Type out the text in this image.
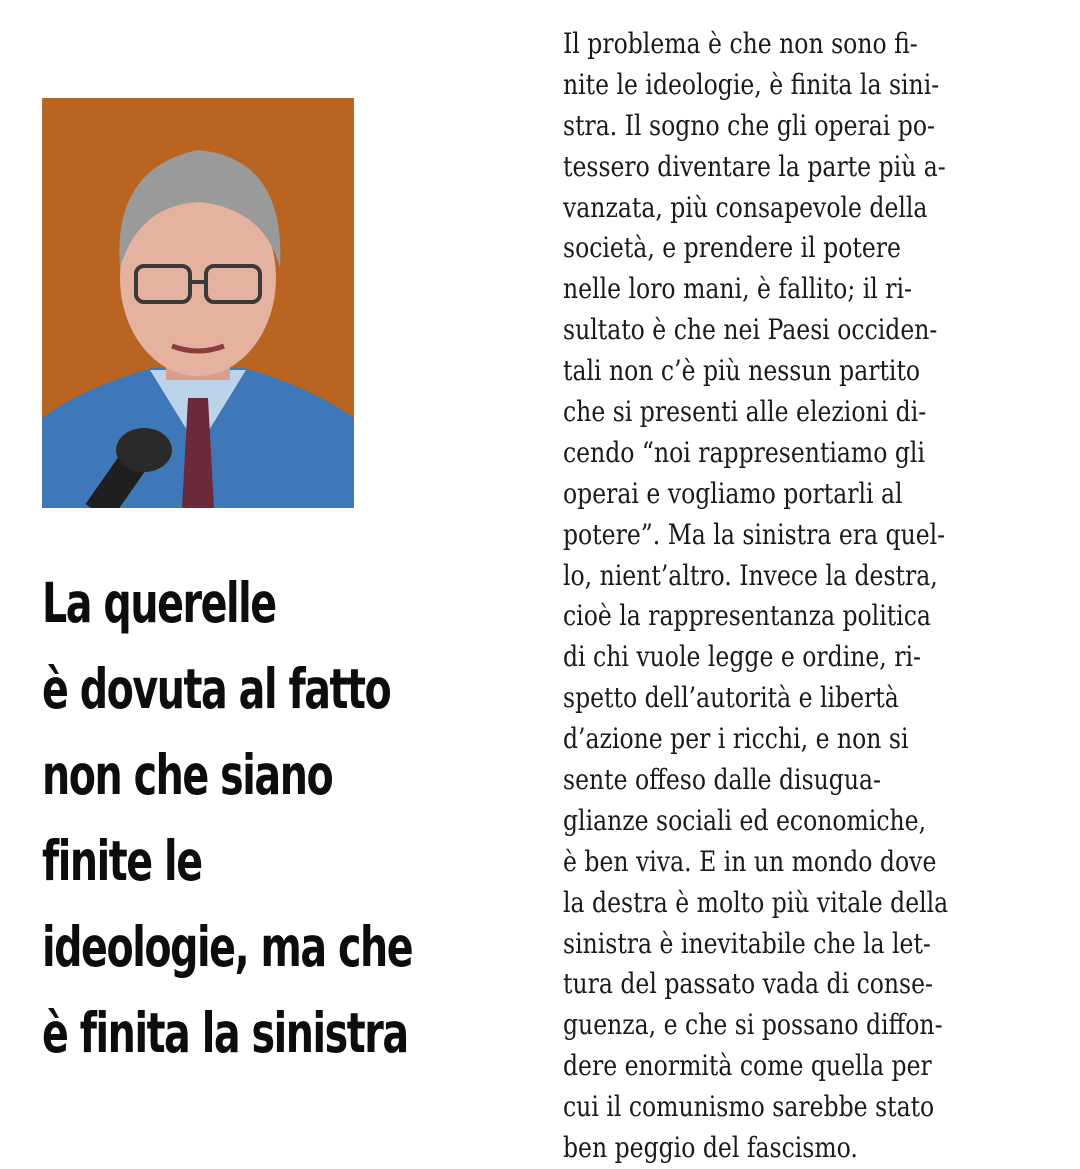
La querelle
è dovuta al fatto
non che siano
finite le
ideologie, ma che
è finita la sinistra
Il problema è che non sono fi-
nite le ideologie, è finita la sini-
stra. Il sogno che gli operai po-
tessero diventare la parte più a-
vanzata, più consapevole della
società, e prendere il potere
nelle loro mani, è fallito; il ri-
sultato è che nei Paesi occiden-
tali non c’è più nessun partito
che si presenti alle elezioni di-
cendo “noi rappresentiamo gli
operai e vogliamo portarli al
potere”. Ma la sinistra era quel-
lo, nient’altro. Invece la destra,
cioè la rappresentanza politica
di chi vuole legge e ordine, ri-
spetto dell’autorità e libertà
d’azione per i ricchi, e non si
sente offeso dalle disugua-
glianze sociali ed economiche,
è ben viva. E in un mondo dove
la destra è molto più vitale della
sinistra è inevitabile che la let-
tura del passato vada di conse-
guenza, e che si possano diffon-
dere enormità come quella per
cui il comunismo sarebbe stato
ben peggio del fascismo.
